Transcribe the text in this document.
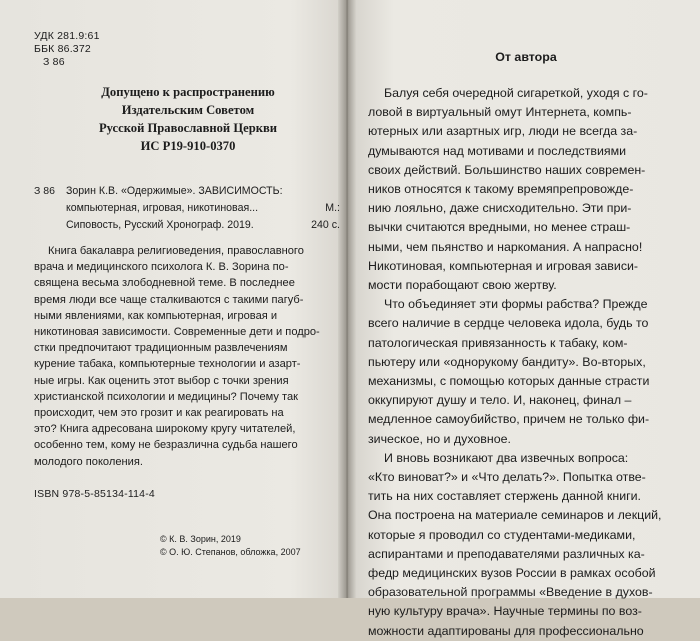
УДК 281.9:61
ББК 86.372
З 86
Допущено к распространению
Издательским Советом
Русской Православной Церкви
ИС Р19-910-0370
З 86 Зорин К.В. «Одержимые». ЗАВИСИМОСТЬ:
компьютерная, игровая, никотиновая...	М.:
Сиповость, Русский Хронограф. 2019.	240 с.
Книга бакалавра религиоведения, православного
врача и медицинского психолога К. В. Зорина по-
священа весьма злободневной теме. В последнее
время люди все чаще сталкиваются с такими пагуб-
ными явлениями, как компьютерная, игровая и
никотиновая зависимости. Современные дети и подро-
стки предпочитают традиционным развлечениям
курение табака, компьютерные технологии и азарт-
ные игры. Как оценить этот выбор с точки зрения
христианской психологии и медицины? Почему так
происходит, чем это грозит и как реагировать на
это? Книга адресована широкому кругу читателей,
особенно тем, кому не безразлична судьба нашего
молодого поколения.
ISBN 978-5-85134-114-4
© К. В. Зорин, 2019
© О. Ю. Степанов, обложка, 2007
От автора
Балуя себя очередной сигареткой, уходя с го-
ловой в виртуальный омут Интернета, компь-
ютерных или азартных игр, люди не всегда за-
думываются над мотивами и последствиями
своих действий. Большинство наших современ-
ников относятся к такому времяпрепровожде-
нию лояльно, даже снисходительно. Эти при-
вычки считаются вредными, но менее страш-
ными, чем пьянство и наркомания. А напрасно!
Никотиновая, компьютерная и игровая зависи-
мости порабощают свою жертву.
Что объединяет эти формы рабства? Прежде
всего наличие в сердце человека идола, будь то
патологическая привязанность к табаку, ком-
пьютеру или «однорукому бандиту». Во-вторых,
механизмы, с помощью которых данные страсти
оккупируют душу и тело. И, наконец, финал –
медленное самоубийство, причем не только фи-
зическое, но и духовное.
И вновь возникают два извечных вопроса:
«Кто виноват?» и «Что делать?». Попытка отве-
тить на них составляет стержень данной книги.
Она построена на материале семинаров и лекций,
которые я проводил со студентами-медиками,
аспирантами и преподавателями различных ка-
федр медицинских вузов России в рамках особой
образовательной программы «Введение в духов-
ную культуру врача». Научные термины по воз-
можности адаптированы для профессионально
